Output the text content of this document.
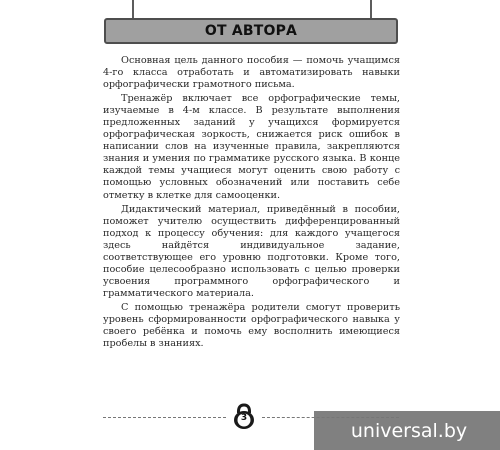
ОТ АВТОРА

Основная цель данного пособия — помочь учащимся 4-го класса отработать и автоматизировать навыки орфографически грамотного письма.

Тренажёр включает все орфографические темы, изучаемые в 4-м классе. В результате выполнения предложенных заданий у учащихся формируется орфографическая зоркость, снижается риск ошибок в написании слов на изученные правила, закрепляются знания и умения по грамматике русского языка. В конце каждой темы учащиеся могут оценить свою работу с помощью условных обозначений или поставить себе отметку в клетке для самооценки.

Дидактический материал, приведённый в пособии, поможет учителю осуществить дифференцированный подход к процессу обучения: для каждого учащегося здесь найдётся индивидуальное задание, соответствующее его уровню подготовки. Кроме того, пособие целесообразно использовать с целью проверки усвоения программного орфографического и грамматического материала.

С помощью тренажёра родители смогут проверить уровень сформированности орфографического навыка у своего ребёнка и помочь ему восполнить имеющиеся пробелы в знаниях.

3
universal.by
